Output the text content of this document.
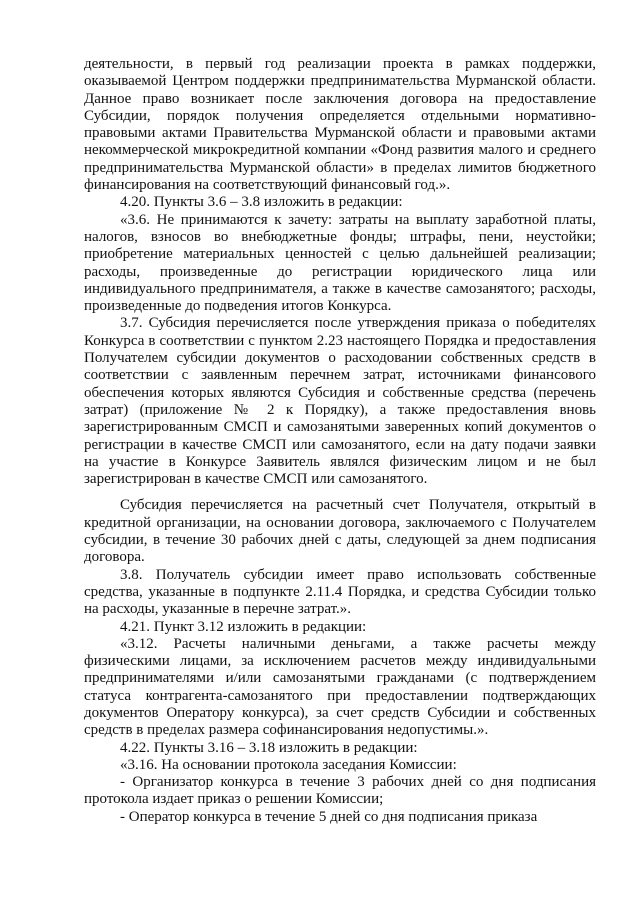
деятельности, в первый год реализации проекта в рамках поддержки, оказываемой Центром поддержки предпринимательства Мурманской области. Данное право возникает после заключения договора на предоставление Субсидии, порядок получения определяется отдельными нормативно-правовыми актами Правительства Мурманской области и правовыми актами некоммерческой микрокредитной компании «Фонд развития малого и среднего предпринимательства Мурманской области» в пределах лимитов бюджетного финансирования на соответствующий финансовый год.».

4.20. Пункты 3.6 – 3.8 изложить в редакции:

«3.6. Не принимаются к зачету: затраты на выплату заработной платы, налогов, взносов во внебюджетные фонды; штрафы, пени, неустойки; приобретение материальных ценностей с целью дальнейшей реализации; расходы, произведенные до регистрации юридического лица или индивидуального предпринимателя, а также в качестве самозанятого; расходы, произведенные до подведения итогов Конкурса.

3.7. Субсидия перечисляется после утверждения приказа о победителях Конкурса в соответствии с пунктом 2.23 настоящего Порядка и предоставления Получателем субсидии документов о расходовании собственных средств в соответствии с заявленным перечнем затрат, источниками финансового обеспечения которых являются Субсидия и собственные средства (перечень затрат) (приложение № 2 к Порядку), а также предоставления вновь зарегистрированным СМСП и самозанятыми заверенных копий документов о регистрации в качестве СМСП или самозанятого, если на дату подачи заявки на участие в Конкурсе Заявитель являлся физическим лицом и не был зарегистрирован в качестве СМСП или самозанятого.

Субсидия перечисляется на расчетный счет Получателя, открытый в кредитной организации, на основании договора, заключаемого с Получателем субсидии, в течение 30 рабочих дней с даты, следующей за днем подписания договора.

3.8. Получатель субсидии имеет право использовать собственные средства, указанные в подпункте 2.11.4 Порядка, и средства Субсидии только на расходы, указанные в перечне затрат.».

4.21. Пункт 3.12 изложить в редакции:

«3.12. Расчеты наличными деньгами, а также расчеты между физическими лицами, за исключением расчетов между индивидуальными предпринимателями и/или самозанятыми гражданами (с подтверждением статуса контрагента-самозанятого при предоставлении подтверждающих документов Оператору конкурса), за счет средств Субсидии и собственных средств в пределах размера софинансирования недопустимы.».

4.22. Пункты 3.16 – 3.18 изложить в редакции:

«3.16. На основании протокола заседания Комиссии:

- Организатор конкурса в течение 3 рабочих дней со дня подписания протокола издает приказ о решении Комиссии;

- Оператор конкурса в течение 5 дней со дня подписания приказа
